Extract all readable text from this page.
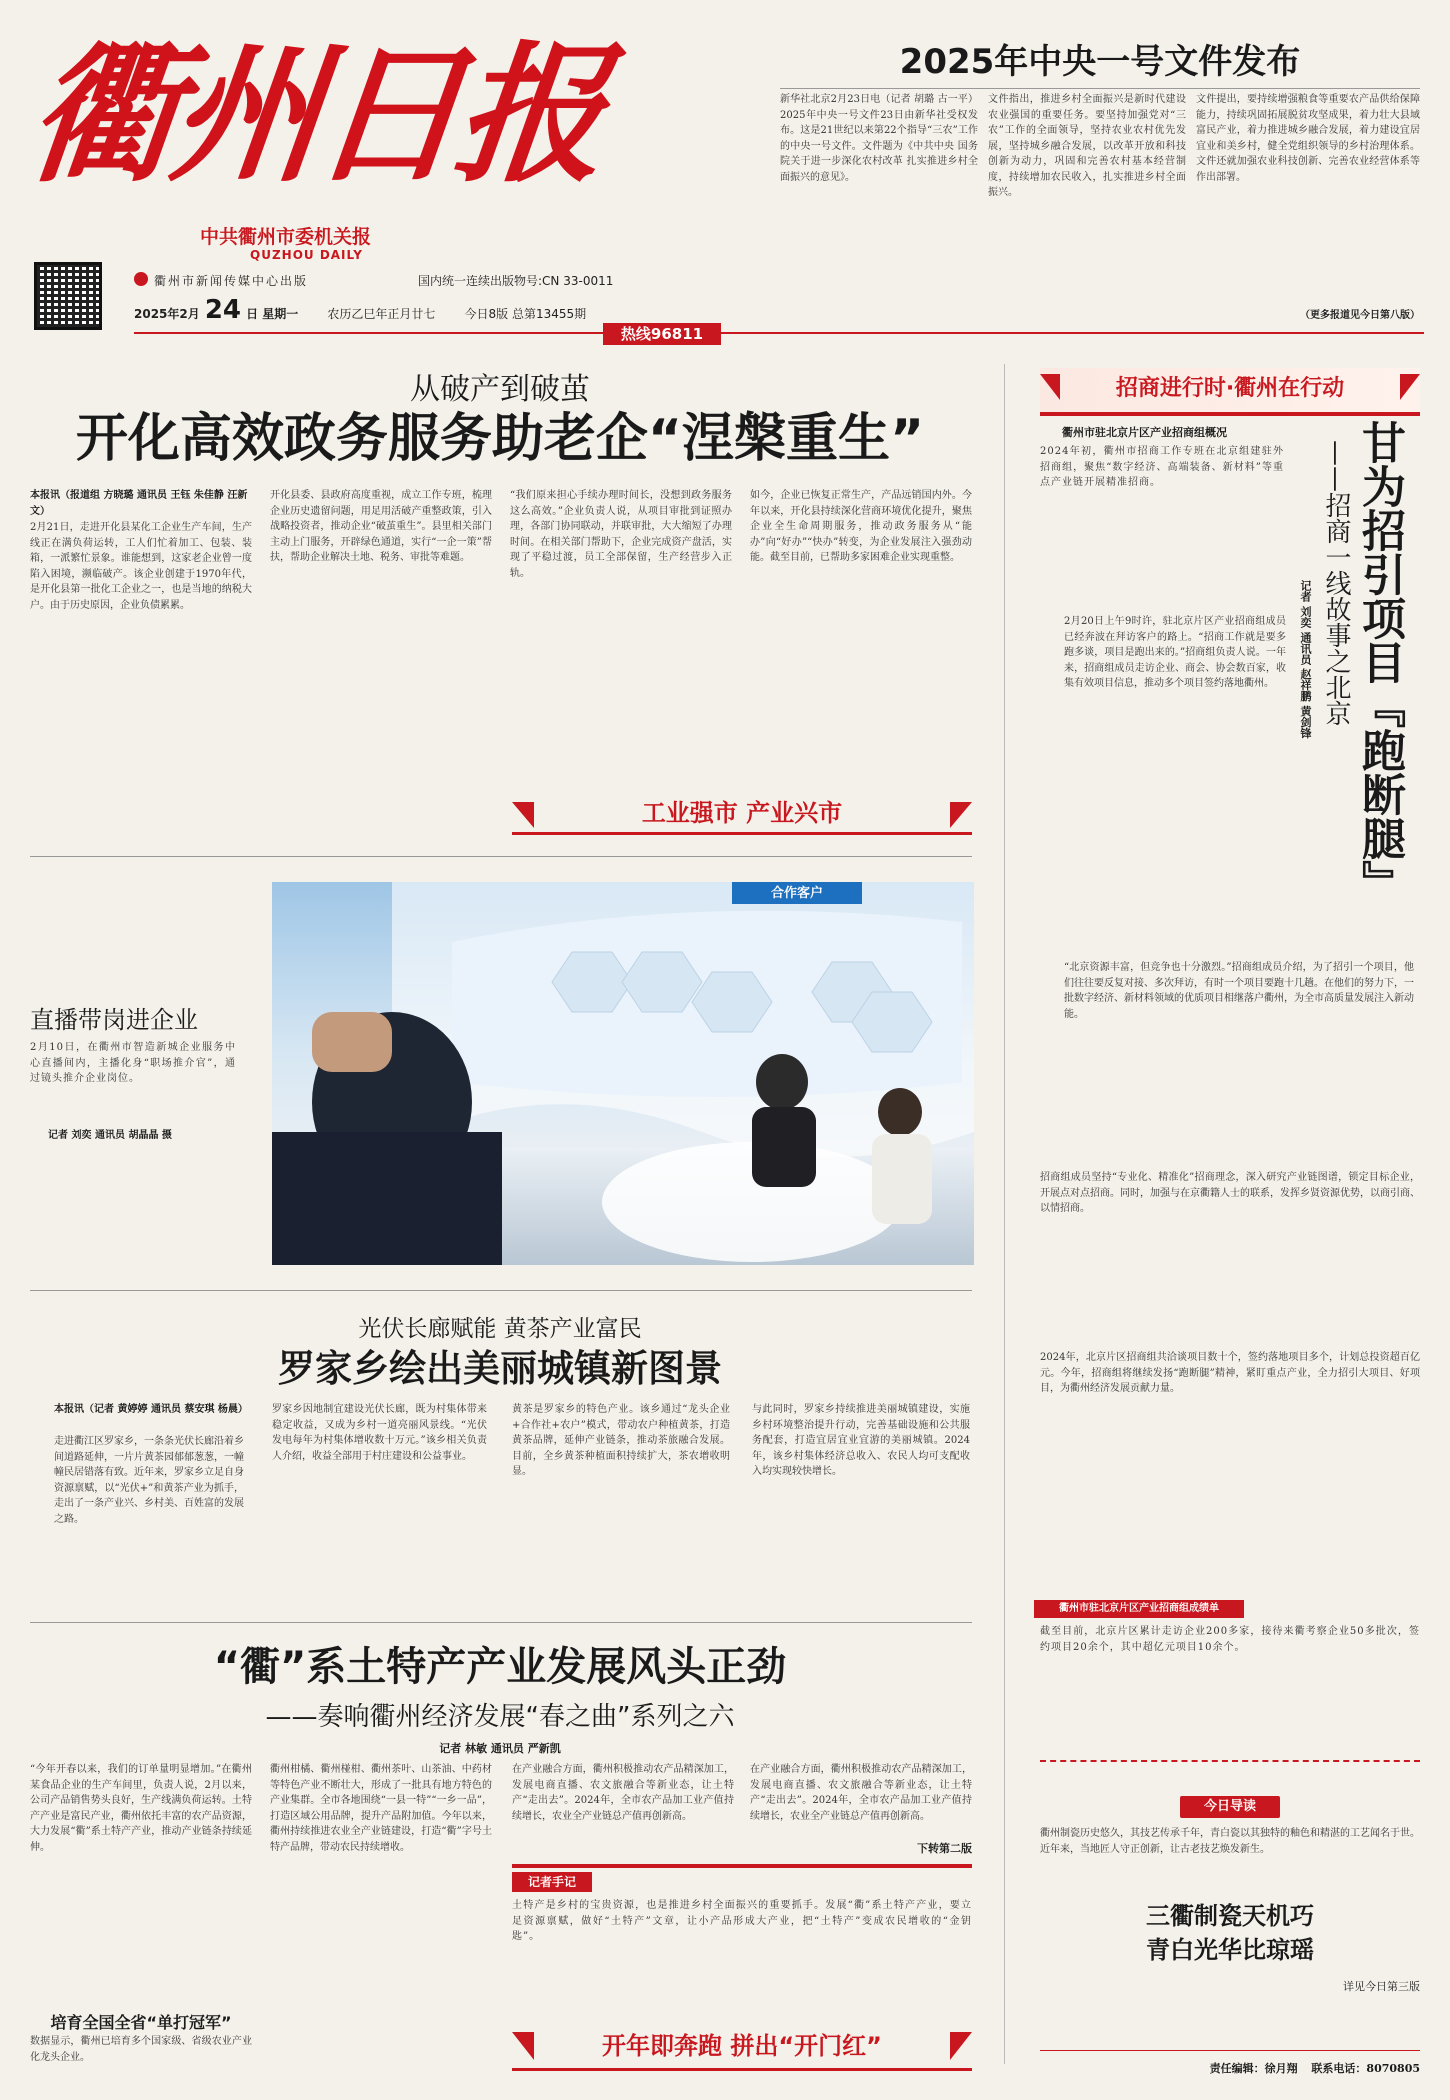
衢州日报
中共衢州市委机关报
QUZHOU DAILY
衢州市新闻传媒中心出版	国内统一连续出版物号:CN 33-0011
2025年2月 24 日 星期一 农历乙巳年正月廿七 今日8版 总第13455期
热线96811
2025年中央一号文件发布
新华社北京2月23日电（记者 胡璐 古一平）2025年中央一号文件23日由新华社受权发布。这是21世纪以来第22个指导“三农”工作的中央一号文件。文件题为《中共中央 国务院关于进一步深化农村改革 扎实推进乡村全面振兴的意见》。
文件指出，推进乡村全面振兴是新时代建设农业强国的重要任务。要坚持加强党对“三农”工作的全面领导，坚持农业农村优先发展，坚持城乡融合发展，以改革开放和科技创新为动力，巩固和完善农村基本经营制度，持续增加农民收入，扎实推进乡村全面振兴。
文件提出，要持续增强粮食等重要农产品供给保障能力，持续巩固拓展脱贫攻坚成果，着力壮大县域富民产业，着力推进城乡融合发展，着力建设宜居宜业和美乡村，健全党组织领导的乡村治理体系。文件还就加强农业科技创新、完善农业经营体系等作出部署。
（更多报道见今日第八版）
从破产到破茧
开化高效政务服务助老企“涅槃重生”
本报讯（报道组 方晓璐 通讯员 王钰 朱佳静 汪新文）
2月21日，走进开化县某化工企业生产车间，生产线正在满负荷运转，工人们忙着加工、包装、装箱，一派繁忙景象。谁能想到，这家老企业曾一度陷入困境，濒临破产。该企业创建于1970年代，是开化县第一批化工企业之一，也是当地的纳税大户。由于历史原因，企业负债累累。
开化县委、县政府高度重视，成立工作专班，梳理企业历史遗留问题，用足用活破产重整政策，引入战略投资者，推动企业“破茧重生”。县里相关部门主动上门服务，开辟绿色通道，实行“一企一策”帮扶，帮助企业解决土地、税务、审批等难题。
“我们原来担心手续办理时间长，没想到政务服务这么高效。”企业负责人说，从项目审批到证照办理，各部门协同联动，并联审批，大大缩短了办理时间。在相关部门帮助下，企业完成资产盘活，实现了平稳过渡，员工全部保留，生产经营步入正轨。
如今，企业已恢复正常生产，产品远销国内外。今年以来，开化县持续深化营商环境优化提升，聚焦企业全生命周期服务，推动政务服务从“能办”向“好办”“快办”转变，为企业发展注入强劲动能。截至目前，已帮助多家困难企业实现重整。
工业强市 产业兴市
直播带岗进企业
2月10日，在衢州市智造新城企业服务中心直播间内，主播化身“职场推介官”，通过镜头推介企业岗位。
记者 刘奕 通讯员 胡晶晶 摄
合作客户
光伏长廊赋能 黄茶产业富民
罗家乡绘出美丽城镇新图景
本报讯（记者 黄婷婷 通讯员 蔡安琪 杨晨）
走进衢江区罗家乡，一条条光伏长廊沿着乡间道路延伸，一片片黄茶园郁郁葱葱，一幢幢民居错落有致。近年来，罗家乡立足自身资源禀赋，以“光伏+”和黄茶产业为抓手，走出了一条产业兴、乡村美、百姓富的发展之路。
罗家乡因地制宜建设光伏长廊，既为村集体带来稳定收益，又成为乡村一道亮丽风景线。“光伏发电每年为村集体增收数十万元。”该乡相关负责人介绍，收益全部用于村庄建设和公益事业。
黄茶是罗家乡的特色产业。该乡通过“龙头企业+合作社+农户”模式，带动农户种植黄茶，打造黄茶品牌，延伸产业链条，推动茶旅融合发展。目前，全乡黄茶种植面积持续扩大，茶农增收明显。
与此同时，罗家乡持续推进美丽城镇建设，实施乡村环境整治提升行动，完善基础设施和公共服务配套，打造宜居宜业宜游的美丽城镇。2024年，该乡村集体经济总收入、农民人均可支配收入均实现较快增长。
“衢”系土特产产业发展风头正劲
——奏响衢州经济发展“春之曲”系列之六
记者 林敏 通讯员 严新凯
“今年开春以来，我们的订单量明显增加。”在衢州某食品企业的生产车间里，负责人说，2月以来，公司产品销售势头良好，生产线满负荷运转。土特产产业是富民产业，衢州依托丰富的农产品资源，大力发展“衢”系土特产产业，推动产业链条持续延伸。
培育全国全省“单打冠军”
数据显示，衢州已培育多个国家级、省级农业产业化龙头企业。
衢州柑橘、衢州椪柑、衢州茶叶、山茶油、中药材等特色产业不断壮大，形成了一批具有地方特色的产业集群。全市各地围绕“一县一特”“一乡一品”，打造区域公用品牌，提升产品附加值。今年以来，衢州持续推进农业全产业链建设，打造“衢”字号土特产品牌，带动农民持续增收。
在产业融合方面，衢州积极推动农产品精深加工，发展电商直播、农文旅融合等新业态，让土特产“走出去”。2024年，全市农产品加工业产值持续增长，农业全产业链总产值再创新高。
在产业融合方面，衢州积极推动农产品精深加工，发展电商直播、农文旅融合等新业态，让土特产“走出去”。2024年，全市农产品加工业产值持续增长，农业全产业链总产值再创新高。
下转第二版
记者手记
土特产是乡村的宝贵资源，也是推进乡村全面振兴的重要抓手。发展“衢”系土特产产业，要立足资源禀赋，做好“土特产”文章，让小产品形成大产业，把“土特产”变成农民增收的“金钥匙”。
开年即奔跑 拼出“开门红”
招商进行时·衢州在行动
衢州市驻北京片区产业招商组概况
2024年初，衢州市招商工作专班在北京组建驻外招商组，聚焦“数字经济、高端装备、新材料”等重点产业链开展精准招商。	甘为招引项目『跑断腿』
——招商一线故事之北京
记者 刘奕 通讯员 赵祥鹏 黄剑锋
2月20日上午9时许，驻北京片区产业招商组成员已经奔波在拜访客户的路上。“招商工作就是要多跑多谈，项目是跑出来的。”招商组负责人说。一年来，招商组成员走访企业、商会、协会数百家，收集有效项目信息，推动多个项目签约落地衢州。
“北京资源丰富，但竞争也十分激烈。”招商组成员介绍，为了招引一个项目，他们往往要反复对接、多次拜访，有时一个项目要跑十几趟。在他们的努力下，一批数字经济、新材料领域的优质项目相继落户衢州，为全市高质量发展注入新动能。
招商组成员坚持“专业化、精准化”招商理念，深入研究产业链图谱，锁定目标企业，开展点对点招商。同时，加强与在京衢籍人士的联系，发挥乡贤资源优势，以商引商、以情招商。
2024年，北京片区招商组共洽谈项目数十个，签约落地项目多个，计划总投资超百亿元。今年，招商组将继续发扬“跑断腿”精神，紧盯重点产业，全力招引大项目、好项目，为衢州经济发展贡献力量。
衢州市驻北京片区产业招商组成绩单
截至目前，北京片区累计走访企业200多家，接待来衢考察企业50多批次，签约项目20余个，其中超亿元项目10余个。
今日导读
衢州制瓷历史悠久，其技艺传承千年，青白瓷以其独特的釉色和精湛的工艺闻名于世。近年来，当地匠人守正创新，让古老技艺焕发新生。
三衢制瓷天机巧
青白光华比琼瑶
详见今日第三版
责任编辑：徐月翔 联系电话：8070805
